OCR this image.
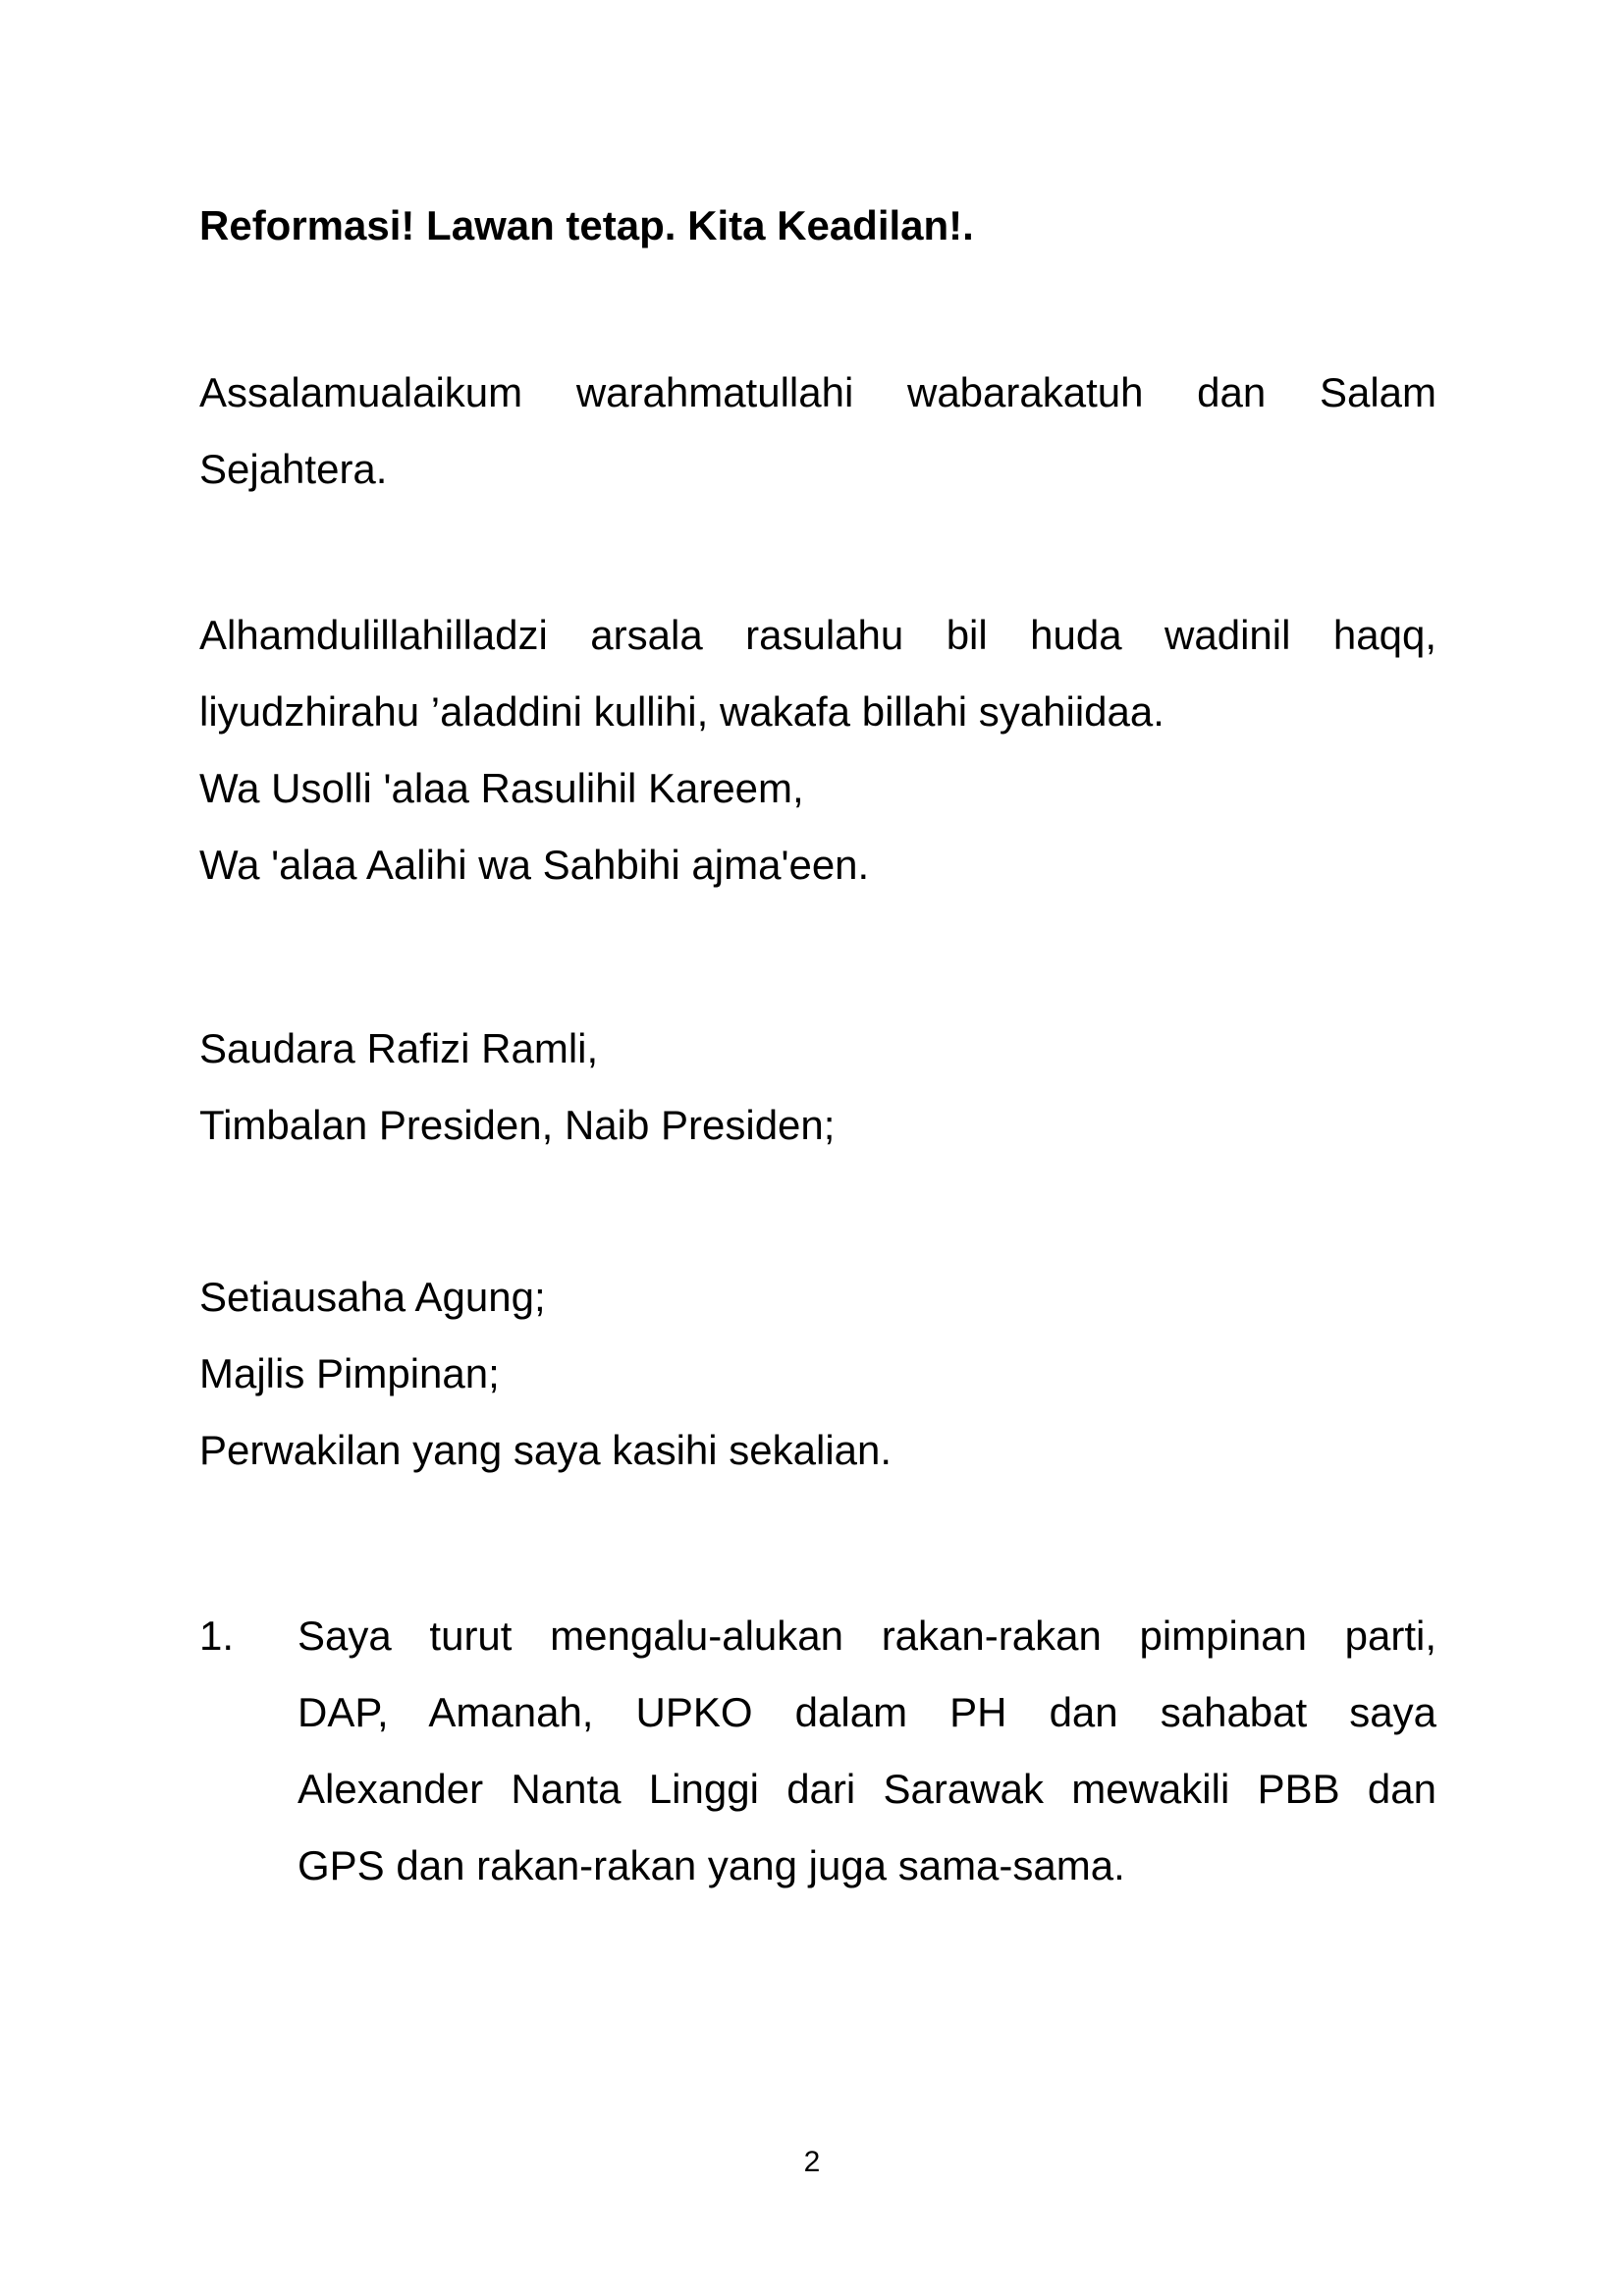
Reformasi! Lawan tetap. Kita Keadilan!.
Assalamualaikum warahmatullahi wabarakatuh dan Salam
Sejahtera.
Alhamdulillahilladzi arsala rasulahu bil huda wadinil haqq,
liyudzhirahu ’aladdini kullihi, wakafa billahi syahiidaa.
Wa Usolli 'alaa Rasulihil Kareem,
Wa 'alaa Aalihi wa Sahbihi ajma'een.
Saudara Rafizi Ramli,
Timbalan Presiden, Naib Presiden;
Setiausaha Agung;
Majlis Pimpinan;
Perwakilan yang saya kasihi sekalian.
1. Saya turut mengalu-alukan rakan-rakan pimpinan parti,
DAP, Amanah, UPKO dalam PH dan sahabat saya
Alexander Nanta Linggi dari Sarawak mewakili PBB dan
GPS dan rakan-rakan yang juga sama-sama.
2
